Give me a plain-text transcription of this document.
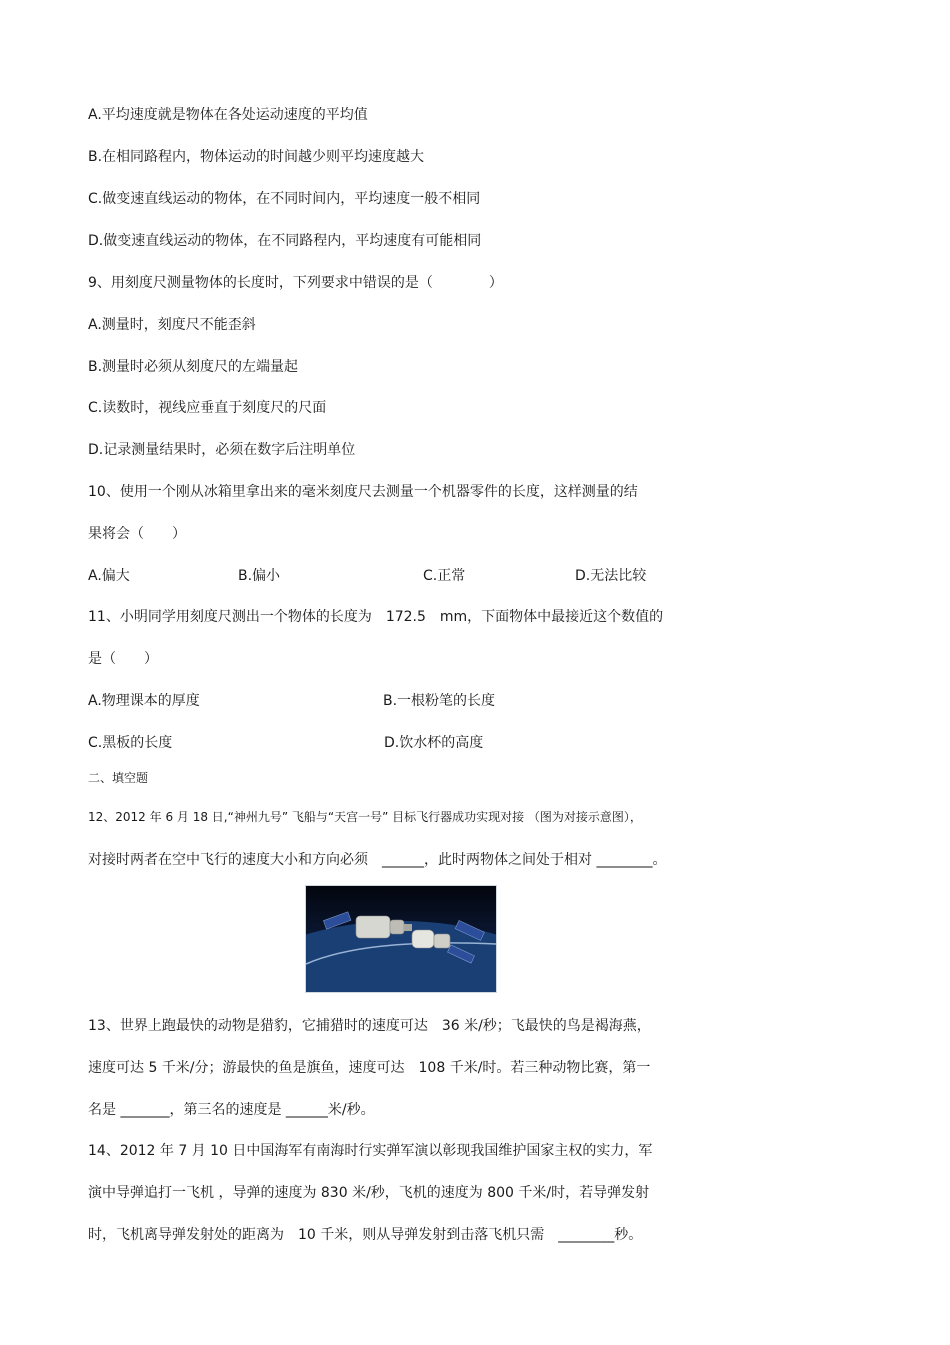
A.平均速度就是物体在各处运动速度的平均值
B.在相同路程内，物体运动的时间越少则平均速度越大
C.做变速直线运动的物体，在不同时间内，平均速度一般不相同
D.做变速直线运动的物体，在不同路程内，平均速度有可能相同
9、用刻度尺测量物体的长度时，下列要求中错误的是（　　　　）
A.测量时，刻度尺不能歪斜
B.测量时必须从刻度尺的左端量起
C.读数时，视线应垂直于刻度尺的尺面
D.记录测量结果时，必须在数字后注明单位
10、使用一个刚从冰箱里拿出来的毫米刻度尺去测量一个机器零件的长度，这样测量的结
果将会（　　）
A.偏大	B.偏小	C.正常	D.无法比较
11、小明同学用刻度尺测出一个物体的长度为　172.5　mm，下面物体中最接近这个数值的
是（　　）
A.物理课本的厚度	B.一根粉笔的长度
C.黑板的长度	D.饮水杯的高度
二、填空题
12、2012 年 6 月 18 日,“神州九号” 飞船与“天宫一号” 目标飞行器成功实现对接 （图为对接示意图），
对接时两者在空中飞行的速度大小和方向必须　______，此时两物体之间处于相对 ________。
13、世界上跑最快的动物是猎豹，它捕猎时的速度可达　36 米/秒；飞最快的鸟是褐海燕，
速度可达 5 千米/分；游最快的鱼是旗鱼，速度可达　108 千米/时。若三种动物比赛，第一
名是 _______，第三名的速度是 ______米/秒。
14、2012 年 7 月 10 日中国海军有南海时行实弹军演以彰现我国维护国家主权的实力，军
演中导弹追打一飞机 ，导弹的速度为 830 米/秒，飞机的速度为 800 千米/时，若导弹发射
时，飞机离导弹发射处的距离为　10 千米，则从导弹发射到击落飞机只需　________秒。
